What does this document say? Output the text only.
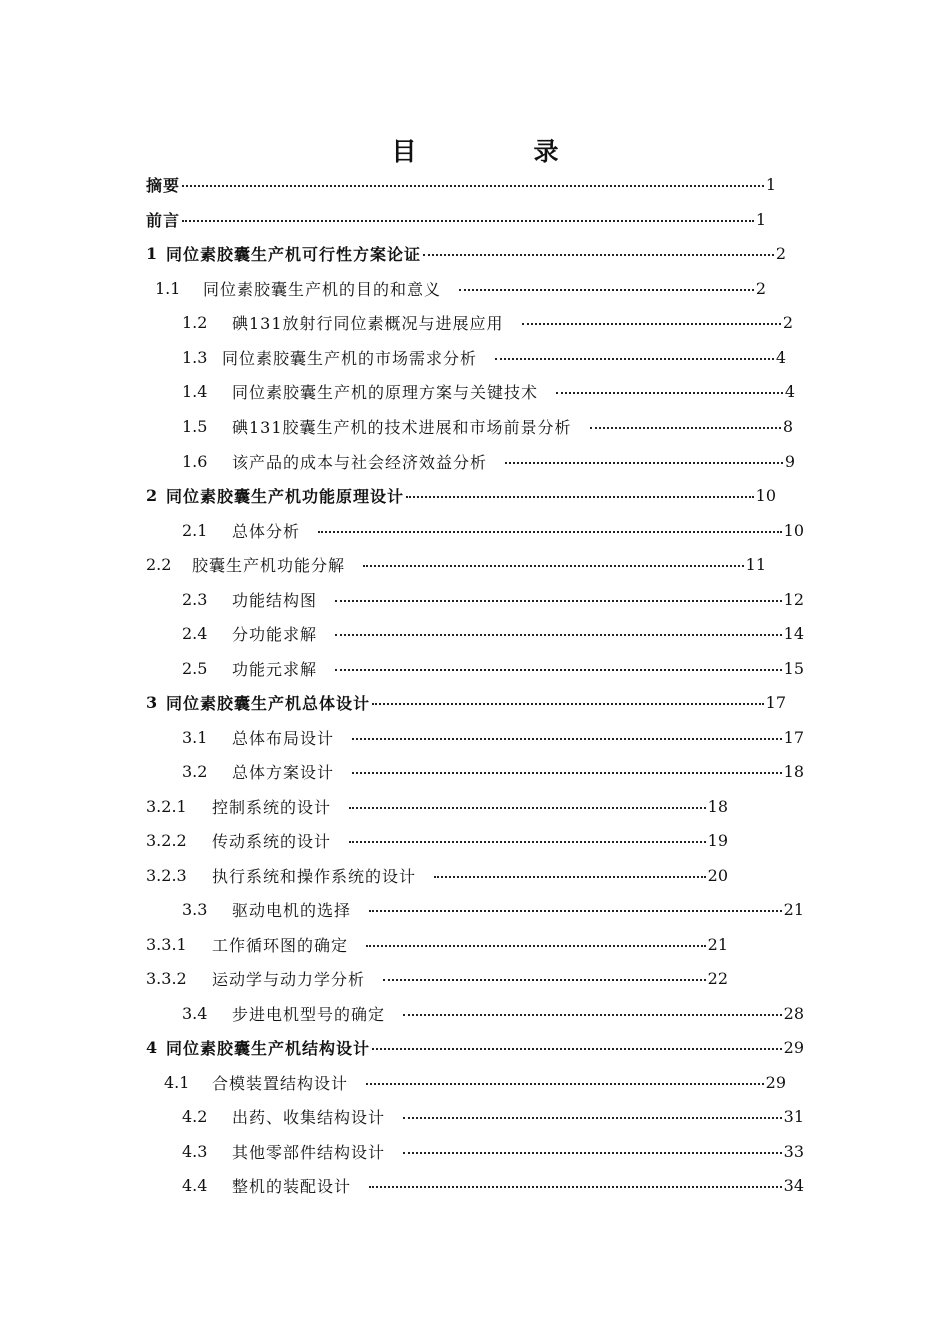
目　录
摘要	1
前言	1
1 同位素胶囊生产机可行性方案论证	2
1.1	同位素胶囊生产机的目的和意义	2
1.2	碘131放射行同位素概况与进展应用	2
1.3 同位素胶囊生产机的市场需求分析	4
1.4	同位素胶囊生产机的原理方案与关键技术	4
1.5	碘131胶囊生产机的技术进展和市场前景分析	8
1.6	该产品的成本与社会经济效益分析	9
2 同位素胶囊生产机功能原理设计	10
2.1	总体分析	10
2.2	胶囊生产机功能分解	11
2.3	功能结构图	12
2.4	分功能求解	14
2.5	功能元求解	15
3 同位素胶囊生产机总体设计	17
3.1	总体布局设计	17
3.2	总体方案设计	18
3.2.1	控制系统的设计	18
3.2.2	传动系统的设计	19
3.2.3	执行系统和操作系统的设计	20
3.3	驱动电机的选择	21
3.3.1	工作循环图的确定	21
3.3.2	运动学与动力学分析	22
3.4	步进电机型号的确定	28
4 同位素胶囊生产机结构设计	29
4.1	合模装置结构设计	29
4.2	出药、收集结构设计	31
4.3	其他零部件结构设计	33
4.4	整机的装配设计	34
